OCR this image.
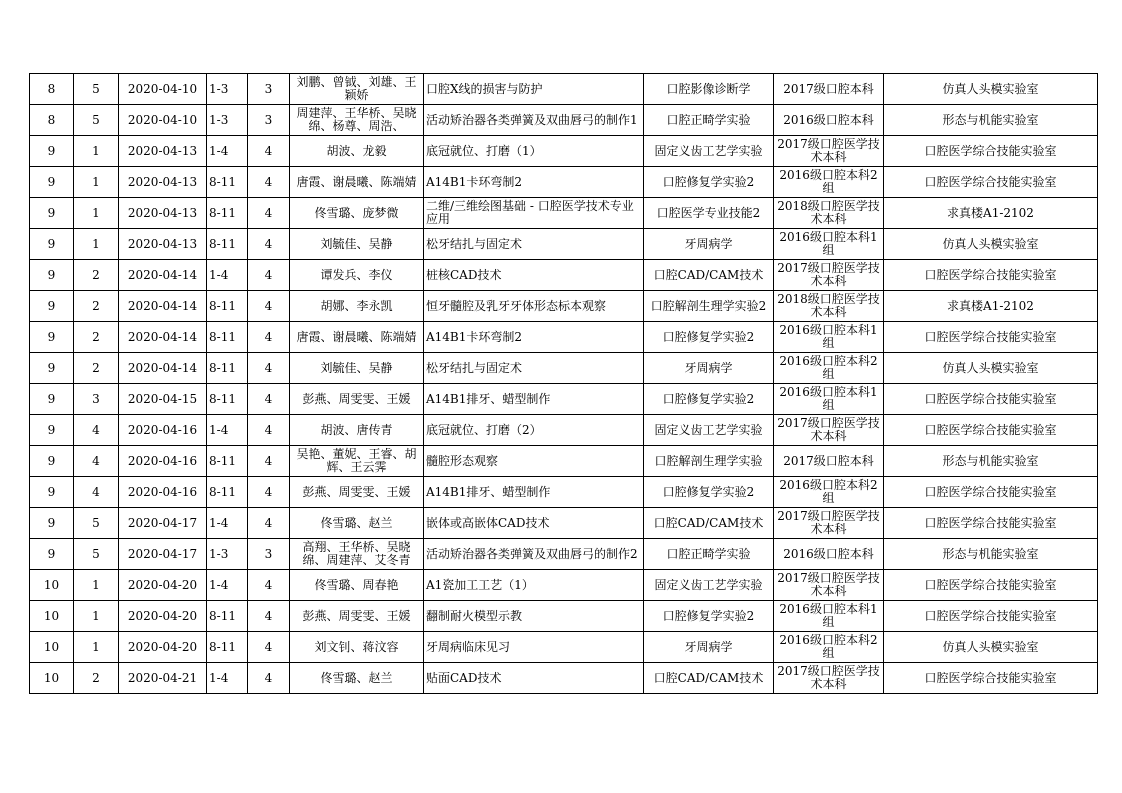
8	5	2020-04-10	1-3	3	刘鹏、曾钺、刘雄、王颖娇	口腔X线的损害与防护	口腔影像诊断学	2017级口腔本科	仿真人头模实验室
8	5	2020-04-10	1-3	3	周建萍、王华桥、吴晓绵、杨尊、周浩、	活动矫治器各类弹簧及双曲唇弓的制作1	口腔正畸学实验	2016级口腔本科	形态与机能实验室
9	1	2020-04-13	1-4	4	胡波、龙毅	底冠就位、打磨（1）	固定义齿工艺学实验	2017级口腔医学技术本科	口腔医学综合技能实验室
9	1	2020-04-13	8-11	4	唐霞、谢晨曦、陈端婧	A14B1卡环弯制2	口腔修复学实验2	2016级口腔本科2组	口腔医学综合技能实验室
9	1	2020-04-13	8-11	4	佟雪璐、庞梦微	二维/三维绘图基础 - 口腔医学技术专业应用	口腔医学专业技能2	2018级口腔医学技术本科	求真楼A1-2102
9	1	2020-04-13	8-11	4	刘毓佳、吴静	松牙结扎与固定术	牙周病学	2016级口腔本科1组	仿真人头模实验室
9	2	2020-04-14	1-4	4	谭发兵、李仪	桩核CAD技术	口腔CAD/CAM技术	2017级口腔医学技术本科	口腔医学综合技能实验室
9	2	2020-04-14	8-11	4	胡娜、李永凯	恒牙髓腔及乳牙牙体形态标本观察	口腔解剖生理学实验2	2018级口腔医学技术本科	求真楼A1-2102
9	2	2020-04-14	8-11	4	唐霞、谢晨曦、陈端婧	A14B1卡环弯制2	口腔修复学实验2	2016级口腔本科1组	口腔医学综合技能实验室
9	2	2020-04-14	8-11	4	刘毓佳、吴静	松牙结扎与固定术	牙周病学	2016级口腔本科2组	仿真人头模实验室
9	3	2020-04-15	8-11	4	彭燕、周雯雯、王媛	A14B1排牙、蜡型制作	口腔修复学实验2	2016级口腔本科1组	口腔医学综合技能实验室
9	4	2020-04-16	1-4	4	胡波、唐传青	底冠就位、打磨（2）	固定义齿工艺学实验	2017级口腔医学技术本科	口腔医学综合技能实验室
9	4	2020-04-16	8-11	4	吴艳、董妮、王睿、胡辉、王云霁	髓腔形态观察	口腔解剖生理学实验	2017级口腔本科	形态与机能实验室
9	4	2020-04-16	8-11	4	彭燕、周雯雯、王媛	A14B1排牙、蜡型制作	口腔修复学实验2	2016级口腔本科2组	口腔医学综合技能实验室
9	5	2020-04-17	1-4	4	佟雪璐、赵兰	嵌体或高嵌体CAD技术	口腔CAD/CAM技术	2017级口腔医学技术本科	口腔医学综合技能实验室
9	5	2020-04-17	1-3	3	高翔、王华桥、吴晓绵、周建萍、艾冬青	活动矫治器各类弹簧及双曲唇弓的制作2	口腔正畸学实验	2016级口腔本科	形态与机能实验室
10	1	2020-04-20	1-4	4	佟雪璐、周春艳	A1瓷加工工艺（1）	固定义齿工艺学实验	2017级口腔医学技术本科	口腔医学综合技能实验室
10	1	2020-04-20	8-11	4	彭燕、周雯雯、王媛	翻制耐火模型示教	口腔修复学实验2	2016级口腔本科1组	口腔医学综合技能实验室
10	1	2020-04-20	8-11	4	刘文钊、蒋汶容	牙周病临床见习	牙周病学	2016级口腔本科2组	仿真人头模实验室
10	2	2020-04-21	1-4	4	佟雪璐、赵兰	贴面CAD技术	口腔CAD/CAM技术	2017级口腔医学技术本科	口腔医学综合技能实验室
